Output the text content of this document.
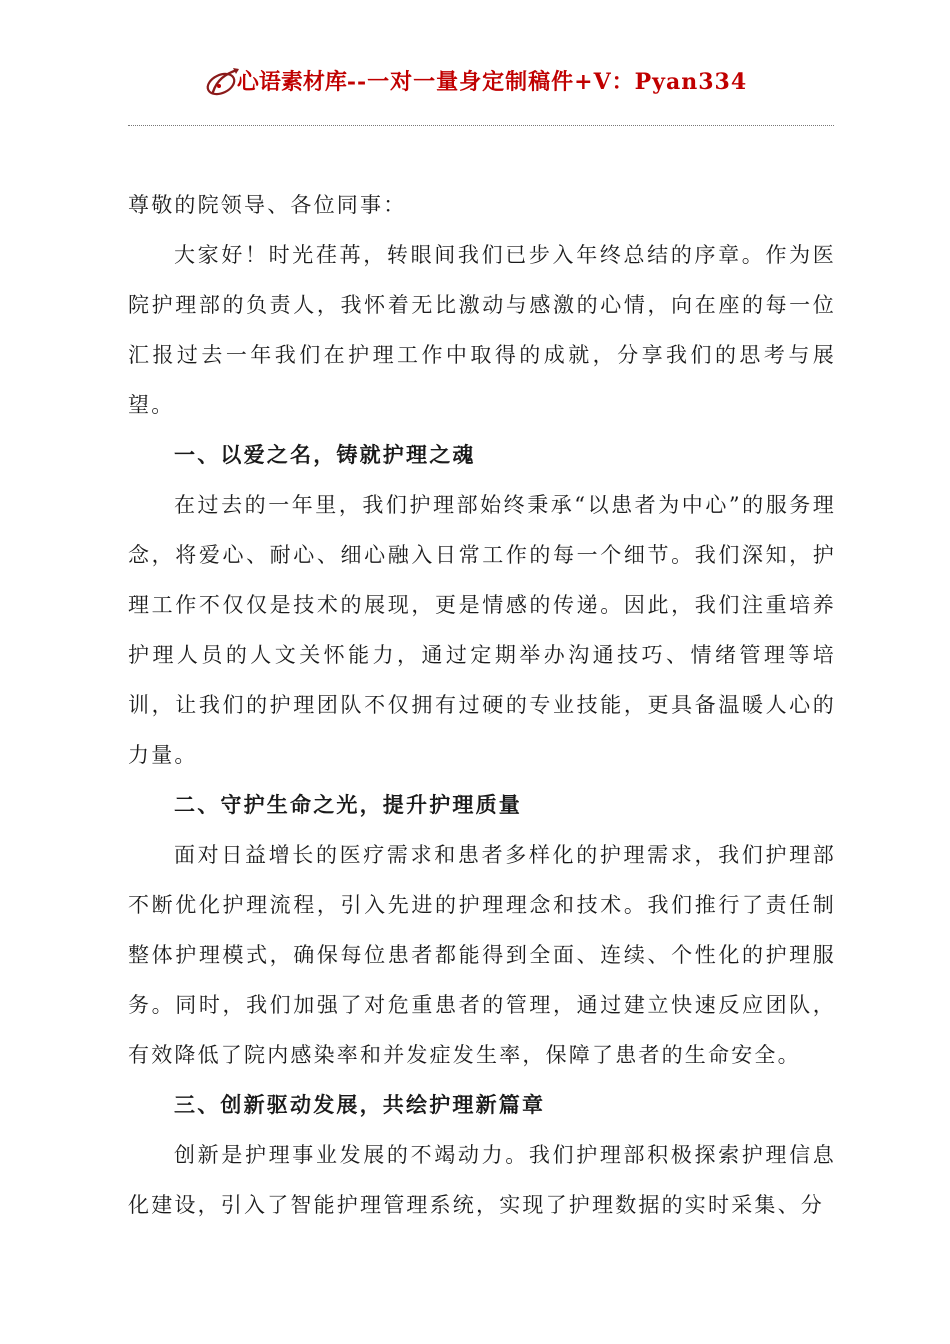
心语素材库 --一对一量身定制稿件+V：Pyan334

尊敬的院领导、各位同事：

大家好！时光荏苒，转眼间我们已步入年终总结的序章。作为医院护理部的负责人，我怀着无比激动与感激的心情，向在座的每一位汇报过去一年我们在护理工作中取得的成就，分享我们的思考与展望。

一、以爱之名，铸就护理之魂

在过去的一年里，我们护理部始终秉承“以患者为中心”的服务理念，将爱心、耐心、细心融入日常工作的每一个细节。我们深知，护理工作不仅仅是技术的展现，更是情感的传递。因此，我们注重培养护理人员的人文关怀能力，通过定期举办沟通技巧、情绪管理等培训，让我们的护理团队不仅拥有过硬的专业技能，更具备温暖人心的力量。

二、守护生命之光，提升护理质量

面对日益增长的医疗需求和患者多样化的护理需求，我们护理部不断优化护理流程，引入先进的护理理念和技术。我们推行了责任制整体护理模式，确保每位患者都能得到全面、连续、个性化的护理服务。同时，我们加强了对危重患者的管理，通过建立快速反应团队，有效降低了院内感染率和并发症发生率，保障了患者的生命安全。

三、创新驱动发展，共绘护理新篇章

创新是护理事业发展的不竭动力。我们护理部积极探索护理信息化建设，引入了智能护理管理系统，实现了护理数据的实时采集、分
